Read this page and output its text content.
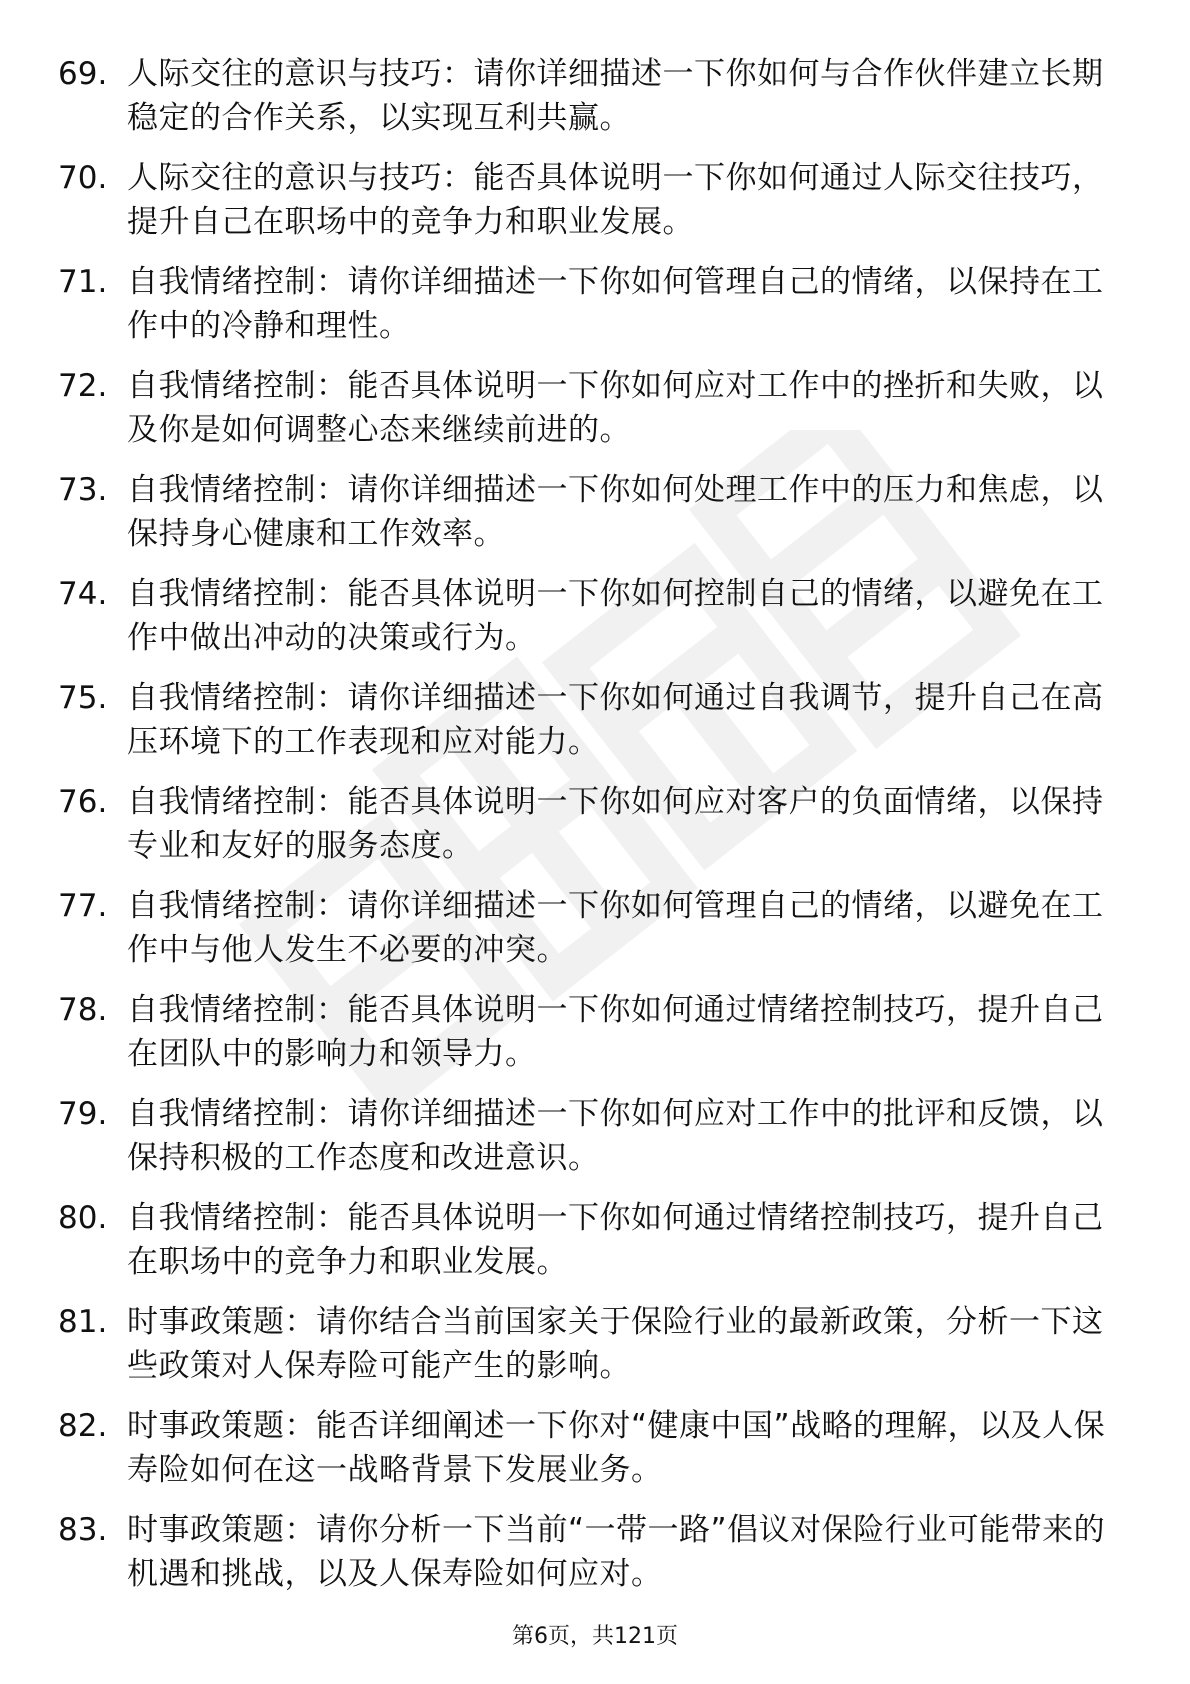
69. 人际交往的意识与技巧：请你详细描述一下你如何与合作伙伴建立长期稳定的合作关系，以实现互利共赢。
70. 人际交往的意识与技巧：能否具体说明一下你如何通过人际交往技巧，提升自己在职场中的竞争力和职业发展。
71. 自我情绪控制：请你详细描述一下你如何管理自己的情绪，以保持在工作中的冷静和理性。
72. 自我情绪控制：能否具体说明一下你如何应对工作中的挫折和失败，以及你是如何调整心态来继续前进的。
73. 自我情绪控制：请你详细描述一下你如何处理工作中的压力和焦虑，以保持身心健康和工作效率。
74. 自我情绪控制：能否具体说明一下你如何控制自己的情绪，以避免在工作中做出冲动的决策或行为。
75. 自我情绪控制：请你详细描述一下你如何通过自我调节，提升自己在高压环境下的工作表现和应对能力。
76. 自我情绪控制：能否具体说明一下你如何应对客户的负面情绪，以保持专业和友好的服务态度。
77. 自我情绪控制：请你详细描述一下你如何管理自己的情绪，以避免在工作中与他人发生不必要的冲突。
78. 自我情绪控制：能否具体说明一下你如何通过情绪控制技巧，提升自己在团队中的影响力和领导力。
79. 自我情绪控制：请你详细描述一下你如何应对工作中的批评和反馈，以保持积极的工作态度和改进意识。
80. 自我情绪控制：能否具体说明一下你如何通过情绪控制技巧，提升自己在职场中的竞争力和职业发展。
81. 时事政策题：请你结合当前国家关于保险行业的最新政策，分析一下这些政策对人保寿险可能产生的影响。
82. 时事政策题：能否详细阐述一下你对“健康中国”战略的理解，以及人保寿险如何在这一战略背景下发展业务。
83. 时事政策题：请你分析一下当前“一带一路”倡议对保险行业可能带来的机遇和挑战，以及人保寿险如何应对。
第6页，共121页
